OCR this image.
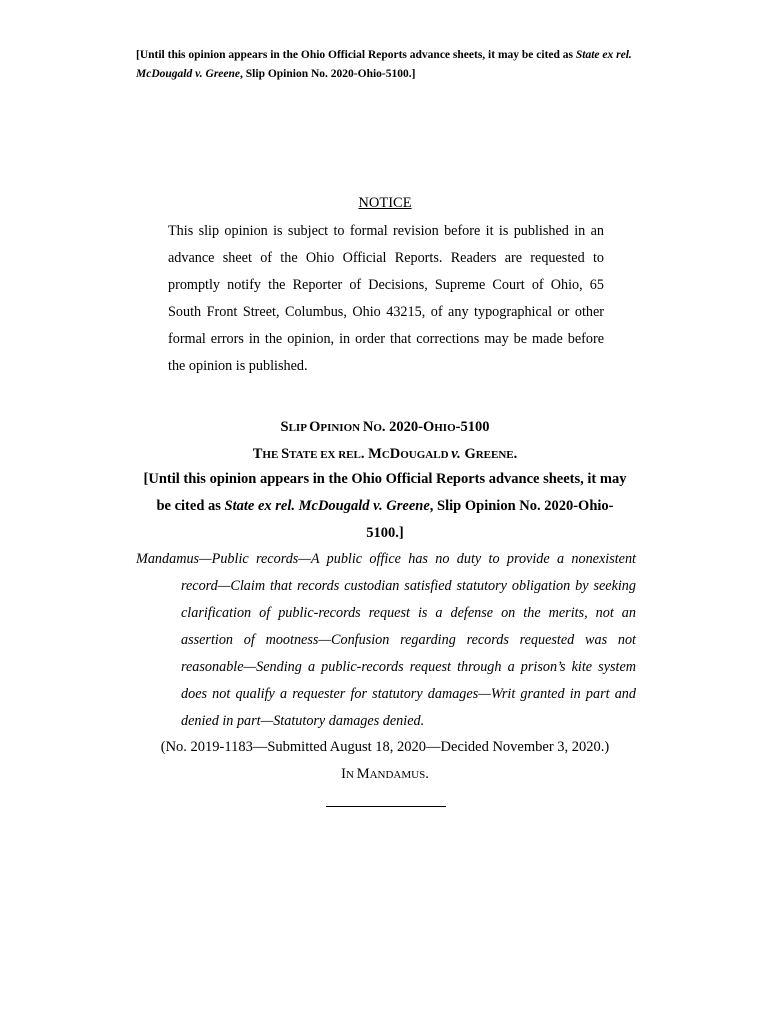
[Until this opinion appears in the Ohio Official Reports advance sheets, it may be cited as State ex rel. McDougald v. Greene, Slip Opinion No. 2020-Ohio-5100.]
NOTICE
This slip opinion is subject to formal revision before it is published in an advance sheet of the Ohio Official Reports. Readers are requested to promptly notify the Reporter of Decisions, Supreme Court of Ohio, 65 South Front Street, Columbus, Ohio 43215, of any typographical or other formal errors in the opinion, in order that corrections may be made before the opinion is published.
SLIP OPINION NO. 2020-OHIO-5100
THE STATE EX REL. MCDOUGALD v. GREENE.
[Until this opinion appears in the Ohio Official Reports advance sheets, it may be cited as State ex rel. McDougald v. Greene, Slip Opinion No. 2020-Ohio-5100.]
Mandamus—Public records—A public office has no duty to provide a nonexistent record—Claim that records custodian satisfied statutory obligation by seeking clarification of public-records request is a defense on the merits, not an assertion of mootness—Confusion regarding records requested was not reasonable—Sending a public-records request through a prison’s kite system does not qualify a requester for statutory damages—Writ granted in part and denied in part—Statutory damages denied.
(No. 2019-1183—Submitted August 18, 2020—Decided November 3, 2020.)
IN MANDAMUS.
